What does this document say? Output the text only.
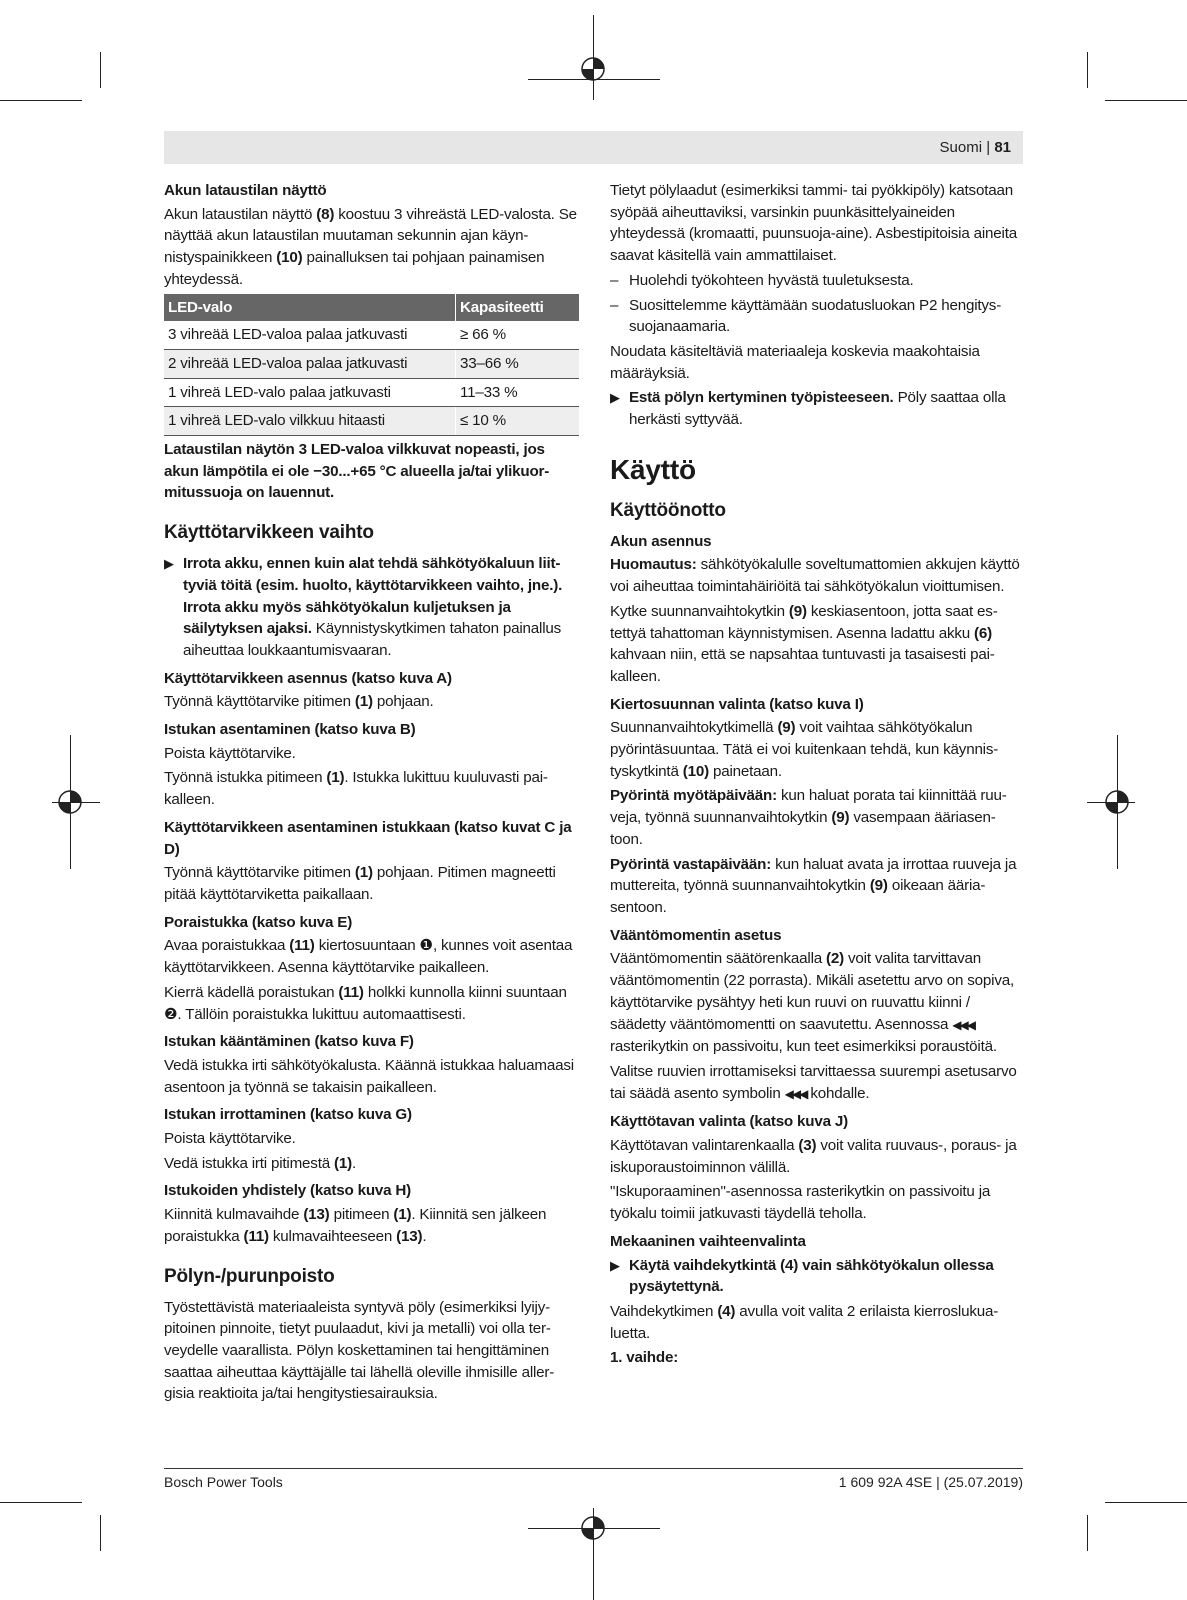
Suomi | 81
Akun lataustilan näyttö

Akun lataustilan näyttö (8) koostuu 3 vihreästä LED-valosta. Se näyttää akun lataustilan muutaman sekunnin ajan käynnistyspainikkeen (10) painalluksen tai pohjaan painamisen yhteydessä.

LED-valo	Kapasiteetti
3 vihreää LED-valoa palaa jatkuvasti	≥ 66 %
2 vihreää LED-valoa palaa jatkuvasti	33–66 %
1 vihreä LED-valo palaa jatkuvasti	11–33 %
1 vihreä LED-valo vilkkuu hitaasti	≤ 10 %

Lataustilan näytön 3 LED-valoa vilkkuvat nopeasti, jos akun lämpötila ei ole −30...+65 °C alueella ja/tai ylikuormitussuoja on lauennut.

Käyttötarvikkeen vaihto
▶ Irrota akku, ennen kuin alat tehdä sähkötyökaluun liittyviä töitä (esim. huolto, käyttötarvikkeen vaihto, jne.). Irrota akku myös sähkötyökalun kuljetuksen ja säilytyksen ajaksi. Käynnistyskytkimen tahaton painallus aiheuttaa loukkaantumisvaaran.
Käyttötarvikkeen asennus (katso kuva A)

Työnnä käyttötarvike pitimen (1) pohjaan.

Istukan asentaminen (katso kuva B)

Poista käyttötarvike.

Työnnä istukka pitimeen (1). Istukka lukittuu kuuluvasti paikalleen.

Käyttötarvikkeen asentaminen istukkaan (katso kuvat C ja D)

Työnnä käyttötarvike pitimen (1) pohjaan. Pitimen magneetti pitää käyttötarviketta paikallaan.

Poraistukka (katso kuva E)

Avaa poraistukkaa (11) kiertosuuntaan ❶, kunnes voit asentaa käyttötarvikkeen. Asenna käyttötarvike paikalleen.

Kierrä kädellä poraistukan (11) holkki kunnolla kiinni suuntaan ❷. Tällöin poraistukka lukittuu automaattisesti.

Istukan kääntäminen (katso kuva F)

Vedä istukka irti sähkötyökalusta. Käännä istukkaa haluamaasi asentoon ja työnnä se takaisin paikalleen.

Istukan irrottaminen (katso kuva G)

Poista käyttötarvike.

Vedä istukka irti pitimestä (1).

Istukoiden yhdistely (katso kuva H)

Kiinnitä kulmavaihde (13) pitimeen (1). Kiinnitä sen jälkeen poraistukka (11) kulmavaihteeseen (13).

Pölyn-/purunpoisto

Työstettävistä materiaaleista syntyvä pöly (esimerkiksi lyijypitoinen pinnoite, tietyt puulaadut, kivi ja metalli) voi olla terveydelle vaarallista. Pölyn koskettaminen tai hengittäminen saattaa aiheuttaa käyttäjälle tai lähellä oleville ihmisille allergisia reaktioita ja/tai hengitystiesairauksia.

Tietyt pölylaadut (esimerkiksi tammi- tai pyökkipöly) katsotaan syöpää aiheuttaviksi, varsinkin puunkäsittelyaineiden yhteydessä (kromaatti, puunsuoja-aine). Asbestipitoisia aineita saavat käsitellä vain ammattilaiset.

– Huolehdi työkohteen hyvästä tuuletuksesta.
– Suosittelemme käyttämään suodatusluokan P2 hengityssuojanaamaria.

Noudata käsiteltäviä materiaaleja koskevia maakohtaisia määräyksiä.

▶ Estä pölyn kertyminen työpisteeseen. Pöly saattaa olla herkästi syttyvää.
Käyttö
Käyttöönotto
Akun asennus

Huomautus: sähkötyökalulle soveltumattomien akkujen käyttö voi aiheuttaa toimintahäiriöitä tai sähkötyökalun vioittumisen.

Kytke suunnanvaihtokytkin (9) keskiasentoon, jotta saat estettyä tahattoman käynnistymisen. Asenna ladattu akku (6) kahvaan niin, että se napsahtaa tuntuvasti ja tasaisesti paikalleen.

Kiertosuunnan valinta (katso kuva I)

Suunnanvaihtokytkimellä (9) voit vaihtaa sähkötyökalun pyörintäsuuntaa. Tätä ei voi kuitenkaan tehdä, kun käynnistyskytkintä (10) painetaan.

Pyörintä myötäpäivään: kun haluat porata tai kiinnittää ruuveja, työnnä suunnanvaihtokytkin (9) vasempaan ääriasentoon.

Pyörintä vastapäivään: kun haluat avata ja irrottaa ruuveja ja muttereita, työnnä suunnanvaihtokytkin (9) oikeaan ääriasentoon.

Vääntömomentin asetus

Vääntömomentin säätörenkaalla (2) voit valita tarvittavan vääntömomentin (22 porrasta). Mikäli asetettu arvo on sopiva, käyttötarvike pysähtyy heti kun ruuvi on ruuvattu kiinni / säädetty vääntömomentti on saavutettu. Asennossa ◀◀◀ rasterikytkin on passivoitu, kun teet esimerkiksi poraustöitä.

Valitse ruuvien irrottamiseksi tarvittaessa suurempi asetusarvo tai säädä asento symbolin ◀◀◀ kohdalle.

Käyttötavan valinta (katso kuva J)

Käyttötavan valintarenkaalla (3) voit valita ruuvaus-, poraus- ja iskuporaustoiminnon välillä.

"Iskuporaaminen"-asennossa rasterikytkin on passivoitu ja työkalu toimii jatkuvasti täydellä teholla.

Mekaaninen vaihteenvalinta
▶ Käytä vaihdekytkintä (4) vain sähkötyökalun ollessa pysäytettynä.

Vaihdekytkimen (4) avulla voit valita 2 erilaista kierroslukualuetta.

1. vaihde:

Bosch Power Tools	1 609 92A 4SE | (25.07.2019)
